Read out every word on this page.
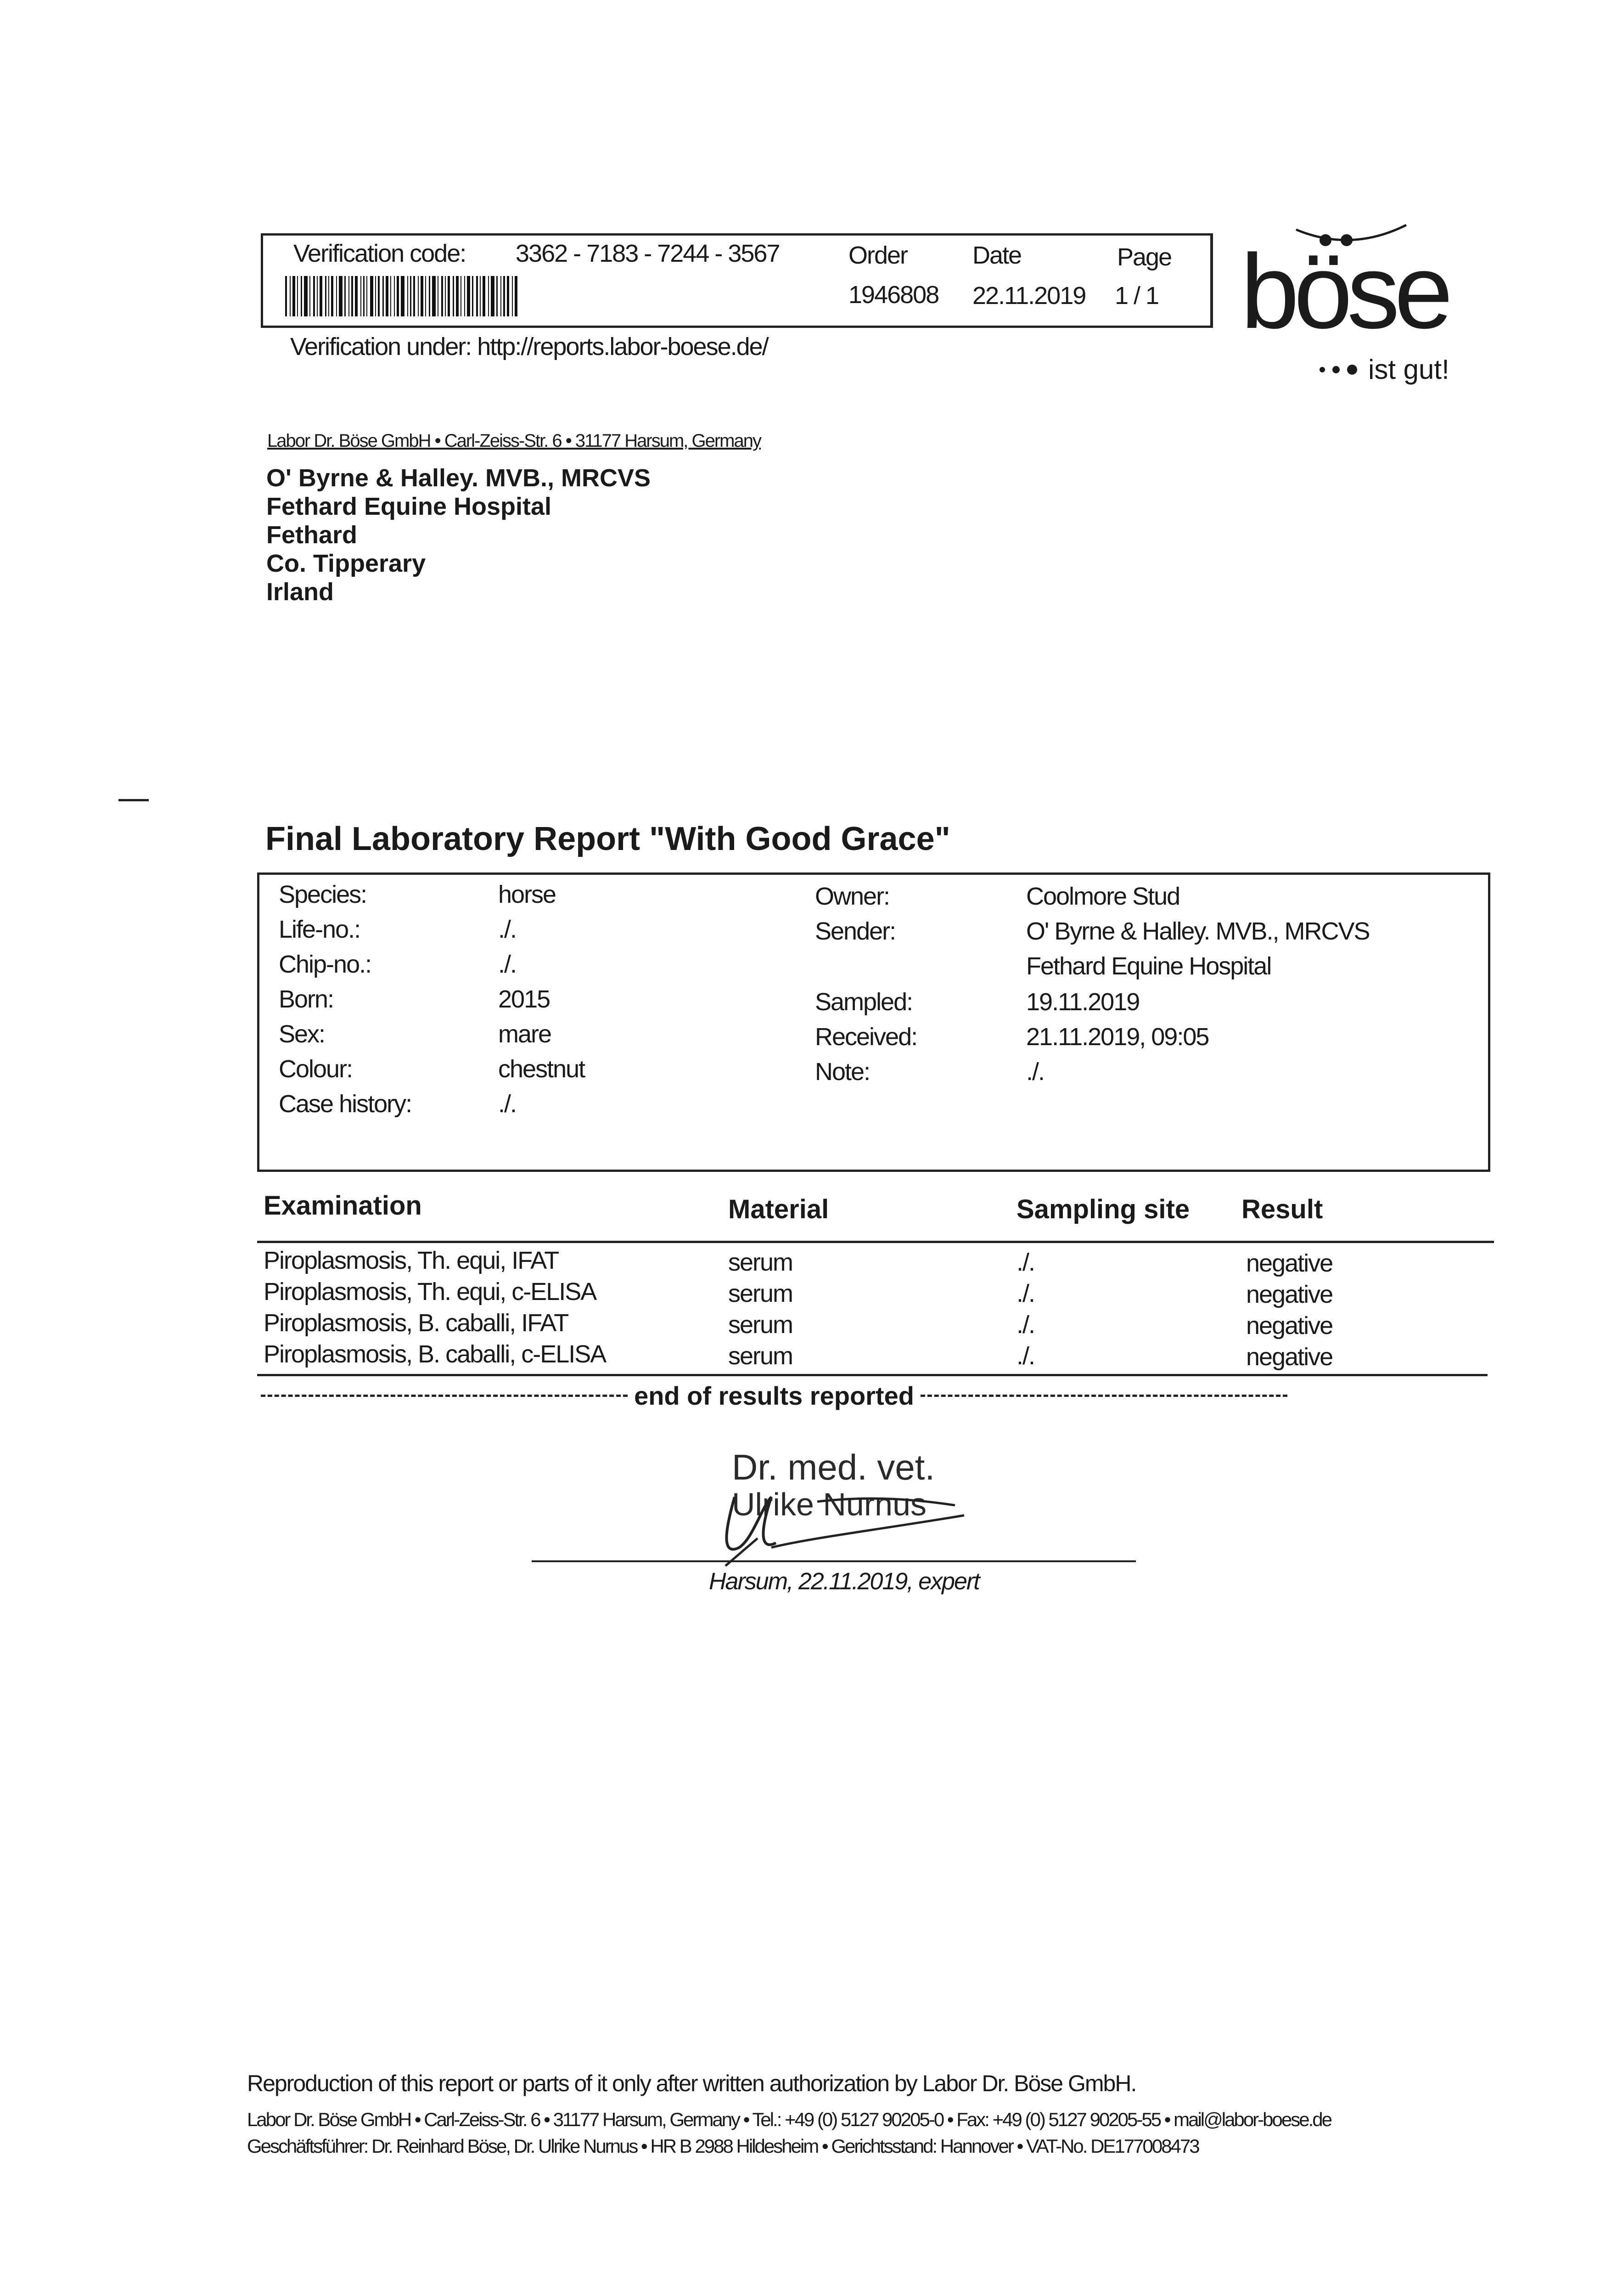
Verification code: 3362 - 7183 - 7244 - 3567	Order	Date	Page
1946808 22.11.2019 1 / 1
Verification under: http://reports.labor-boese.de/	böse
ist gut!
Labor Dr. Böse GmbH • Carl-Zeiss-Str. 6 • 31177 Harsum, Germany
O' Byrne & Halley. MVB., MRCVS
Fethard Equine Hospital
Fethard
Co. Tipperary
Irland
Final Laboratory Report "With Good Grace"
Species:	horse
Life-no.:	./.
Chip-no.:	./.
Born:	2015
Sex:	mare
Colour:	chestnut
Case history:	./.
Owner:	Coolmore Stud
Sender:	O' Byrne & Halley. MVB., MRCVS
Fethard Equine Hospital
Sampled:	19.11.2019
Received:	21.11.2019, 09:05
Note:	./.
Examination	Material	Sampling site Result
Piroplasmosis, Th. equi, IFAT	serum	./.	negative
Piroplasmosis, Th. equi, c-ELISA	serum	./.	negative
Piroplasmosis, B. caballi, IFAT	serum	./.	negative
Piroplasmosis, B. caballi, c-ELISA	serum	./.	negative
end of results reported
Dr. med. vet.
Ulrike Nurnus
Harsum, 22.11.2019, expert
Reproduction of this report or parts of it only after written authorization by Labor Dr. Böse GmbH.
Labor Dr. Böse GmbH • Carl-Zeiss-Str. 6 • 31177 Harsum, Germany • Tel.: +49 (0) 5127 90205-0 • Fax: +49 (0) 5127 90205-55 • mail@labor-boese.de
Geschäftsführer: Dr. Reinhard Böse, Dr. Ulrike Nurnus • HR B 2988 Hildesheim • Gerichtsstand: Hannover • VAT-No. DE177008473
